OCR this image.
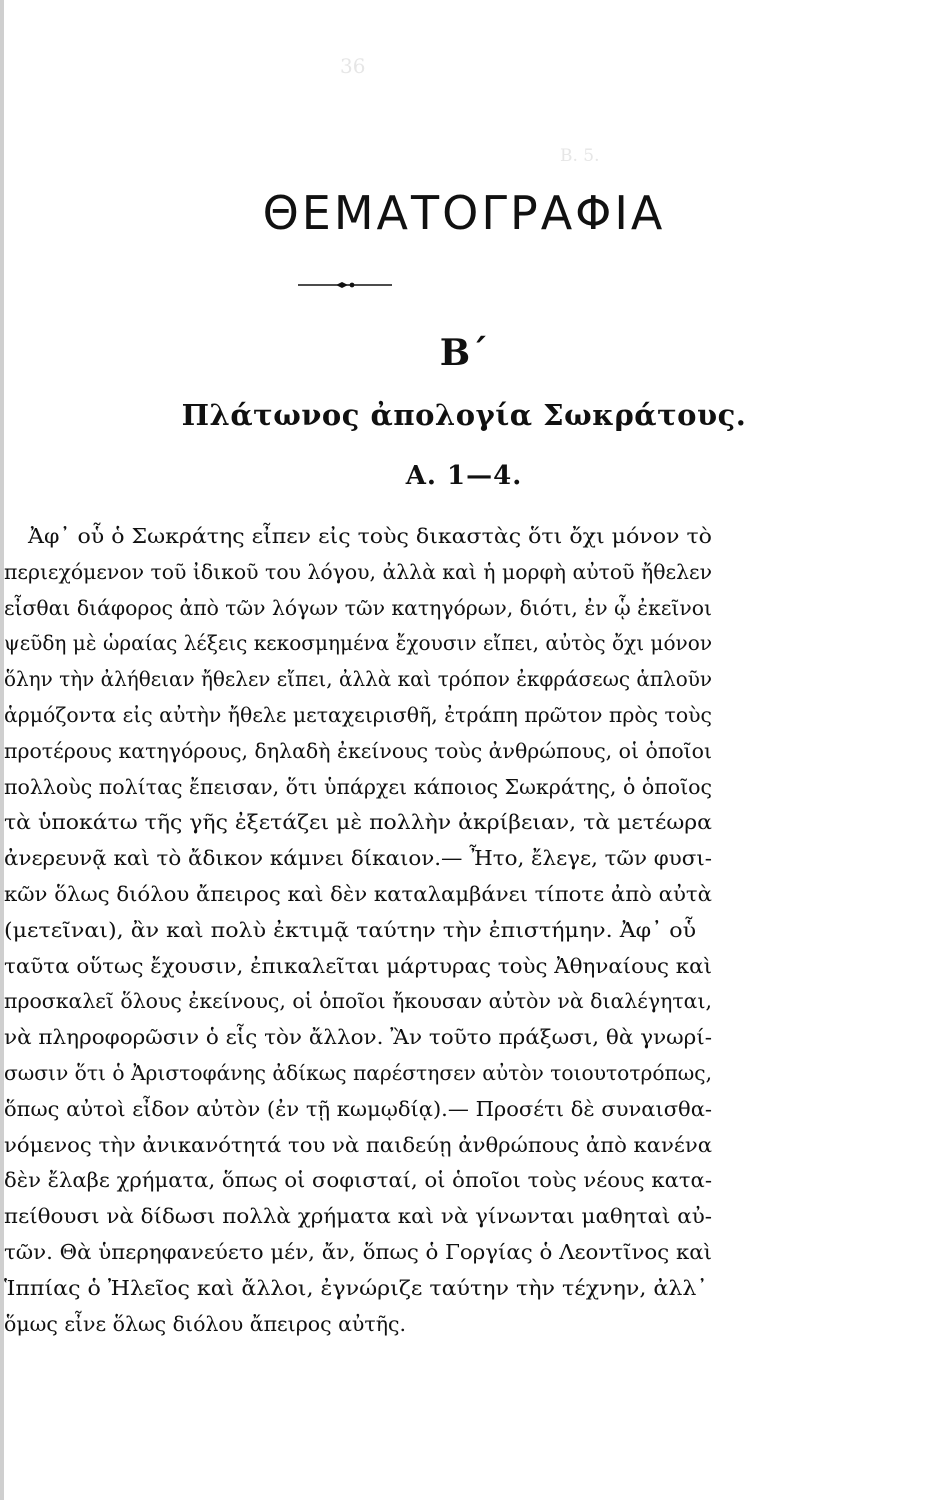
36
Β. 5.
ΘΕΜΑΤΟΓΡΑΦΙΑ
Β΄
Πλάτωνος ἀπολογία Σωκράτους.
Α. 1—4.
Ἀφ᾽ οὗ ὁ Σωκράτης εἶπεν εἰς τοὺς δικαστὰς ὅτι ὄχι μόνον τὸ
περιεχόμενον τοῦ ἰδικοῦ του λόγου, ἀλλὰ καὶ ἡ μορφὴ αὐτοῦ ἤθελεν
εἶσθαι διάφορος ἀπὸ τῶν λόγων τῶν κατηγόρων, διότι, ἐν ᾧ ἐκεῖνοι
ψεῦδη μὲ ὡραίας λέξεις κεκοσμημένα ἔχουσιν εἴπει, αὐτὸς ὄχι μόνον
ὅλην τὴν ἀλήθειαν ἤθελεν εἴπει, ἀλλὰ καὶ τρόπον ἐκφράσεως ἁπλοῦν
ἁρμόζοντα εἰς αὐτὴν ἤθελε μεταχειρισθῆ, ἐτράπη πρῶτον πρὸς τοὺς
προτέρους κατηγόρους, δηλαδὴ ἐκείνους τοὺς ἀνθρώπους, οἱ ὁποῖοι
πολλοὺς πολίτας ἔπεισαν, ὅτι ὑπάρχει κάποιος Σωκράτης, ὁ ὁποῖος
τὰ ὑποκάτω τῆς γῆς ἐξετάζει μὲ πολλὴν ἀκρίβειαν, τὰ μετέωρα
ἀνερευνᾷ καὶ τὸ ἄδικον κάμνει δίκαιον.— Ἦτο, ἔλεγε, τῶν φυσι-
κῶν ὅλως διόλου ἄπειρος καὶ δὲν καταλαμβάνει τίποτε ἀπὸ αὐτὰ
(μετεῖναι), ἂν καὶ πολὺ ἐκτιμᾷ ταύτην τὴν ἐπιστήμην. Ἀφ᾽ οὗ
ταῦτα οὕτως ἔχουσιν, ἐπικαλεῖται μάρτυρας τοὺς Ἀθηναίους καὶ
προσκαλεῖ ὅλους ἐκείνους, οἱ ὁποῖοι ἤκουσαν αὐτὸν νὰ διαλέγηται,
νὰ πληροφορῶσιν ὁ εἷς τὸν ἄλλον. Ἂν τοῦτο πράξωσι, θὰ γνωρί-
σωσιν ὅτι ὁ Ἀριστοφάνης ἀδίκως παρέστησεν αὐτὸν τοιουτοτρόπως,
ὅπως αὐτοὶ εἶδον αὐτὸν (ἐν τῇ κωμῳδίᾳ).— Προσέτι δὲ συναισθα-
νόμενος τὴν ἀνικανότητά του νὰ παιδεύῃ ἀνθρώπους ἀπὸ κανένα
δὲν ἔλαβε χρήματα, ὅπως οἱ σοφισταί, οἱ ὁποῖοι τοὺς νέους κατα-
πείθουσι νὰ δίδωσι πολλὰ χρήματα καὶ νὰ γίνωνται μαθηταὶ αὐ-
τῶν. Θὰ ὑπερηφανεύετο μέν, ἄν, ὅπως ὁ Γοργίας ὁ Λεοντῖνος καὶ
Ἱππίας ὁ Ἠλεῖος καὶ ἄλλοι, ἐγνώριζε ταύτην τὴν τέχνην, ἀλλ᾽
ὅμως εἶνε ὅλως διόλου ἄπειρος αὐτῆς.
